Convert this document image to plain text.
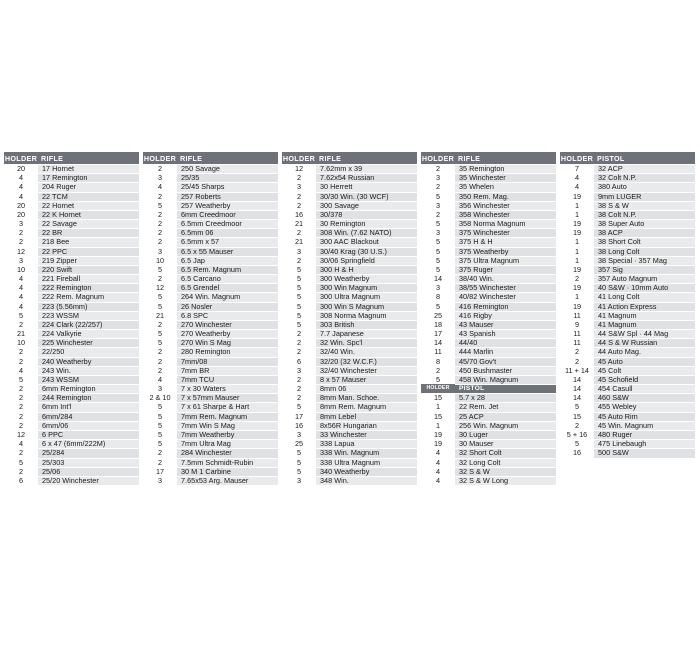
HOLDER RIFLE
20	17 Hornet
4	17 Remington
4	204 Ruger
4	22 TCM
20	22 Hornet
20	22 K Hornet
3	22 Savage
2	22 BR
2	218 Bee
12	22 PPC
3	219 Zipper
10	220 Swift
4	221 Fireball
4	222 Remington
4	222 Rem. Magnum
4	223 (5.56mm)
5	223 WSSM
2	224 Clark (22/257)
21	224 Valkyrie
10	225 Winchester
2	22/250
2	240 Weatherby
4	243 Win.
5	243 WSSM
2	6mm Remington
2	244 Remington
2	6mm Int'l
2	6mm/284
2	6mm/06
12	6 PPC
4	6 x 47 (6mm/222M)
2	25/284
5	25/303
2	25/06
6	25/20 Winchester
HOLDER RIFLE
2	250 Savage
3	25/35
4	25/45 Sharps
2	257 Roberts
5	257 Weatherby
2	6mm Creedmoor
2	6.5mm Creedmoor
2	6.5mm 06
2	6.5mm x 57
3	6.5 x 55 Mauser
10	6.5 Jap
5	6.5 Rem. Magnum
2	6.5 Carcano
12	6.5 Grendel
5	264 Win. Magnum
5	26 Nosler
21	6.8 SPC
2	270 Winchester
5	270 Weatherby
5	270 Win S Mag
2	280 Remington
2	7mm/08
2	7mm BR
4	7mm TCU
3	7 x 30 Waters
2 & 10	7 x 57mm Mauser
5	7 x 61 Sharpe & Hart
5	7mm Rem. Magnum
5	7mm Win S Mag
5	7mm Weatherby
5	7mm Ultra Mag
2	284 Winchester
2	7.5mm Schmidt-Rubin
17	30 M 1 Carbine
3	7.65x53 Arg. Mauser
HOLDER RIFLE
12	7.62mm x 39
2	7.62x54 Russian
3	30 Herrett
2	30/30 Win. (30 WCF)
2	300 Savage
16	30/378
21	30 Remington
2	308 Win. (7.62 NATO)
21	300 AAC Blackout
3	30/40 Krag (30 U.S.)
2	30/06 Springfield
5	300 H & H
5	300 Weatherby
5	300 Win Magnum
5	300 Ultra Magnum
5	300 Win S Magnum
5	308 Norma Magnum
5	303 British
2	7.7 Japanese
2	32 Win. Spc'l
2	32/40 Win.
6	32/20 (32 W.C.F.)
3	32/40 Winchester
2	8 x 57 Mauser
2	8mm 06
2	8mm Man. Schoe.
5	8mm Rem. Magnum
17	8mm Lebel
16	8x56R Hungarian
3	33 Winchester
25	338 Lapua
5	338 Win. Magnum
5	338 Ultra Magnum
5	340 Weatherby
3	348 Win.
HOLDER RIFLE
2	35 Remington
3	35 Winchester
2	35 Whelen
5	350 Rem. Mag.
3	356 Winchester
2	358 Winchester
5	358 Norma Magnum
3	375 Winchester
5	375 H & H
5	375 Weatherby
5	375 Ultra Magnum
5	375 Ruger
14	38/40 Win.
3	38/55 Winchester
8	40/82 Winchester
5	416 Remington
25	416 Rigby
18	43 Mauser
17	43 Spanish
14	44/40
11	444 Marlin
8	45/70 Gov't
2	450 Bushmaster
5	458 Win. Magnum
HOLDER	PISTOL
15	5.7 x 28
1	22 Rem. Jet
15	25 ACP
1	256 Win. Magnum
19	30 Luger
19	30 Mauser
4	32 Short Colt
4	32 Long Colt
4	32 S & W
4	32 S & W Long
HOLDER PISTOL
7	32 ACP
4	32 Colt N.P.
4	380 Auto
19	9mm LUGER
1	38 S & W
1	38 Colt N.P.
19	38 Super Auto
19	38 ACP
1	38 Short Colt
1	38 Long Colt
1	38 Special · 357 Mag
19	357 Sig
2	357 Auto Magnum
19	40 S&W · 10mm Auto
1	41 Long Colt
19	41 Action Express
11	41 Magnum
9	41 Magnum
11	44 S&W Spl · 44 Mag
11	44 S & W Russian
2	44 Auto Mag.
2	45 Auto
11 + 14	45 Colt
14	45 Schofield
14	454 Casull
14	460 S&W
5	455 Webley
15	45 Auto Rim
2	45 Win. Magnum
5 + 16	480 Ruger
5	475 Linebaugh
16	500 S&W
